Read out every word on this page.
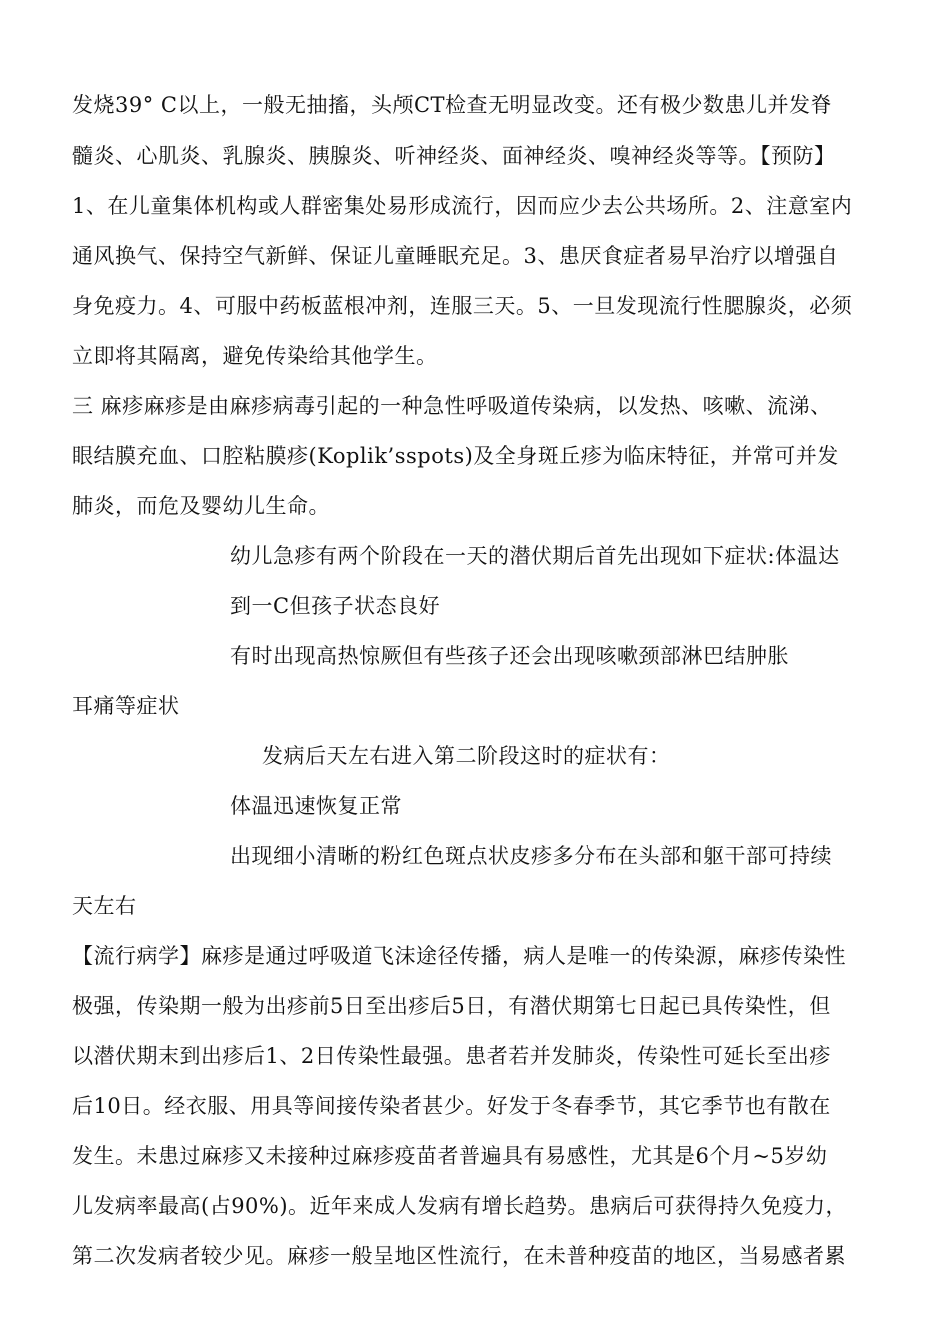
发烧39° C以上，一般无抽搐，头颅CT检查无明显改变。还有极少数患儿并发脊
髓炎、心肌炎、乳腺炎、胰腺炎、听神经炎、面神经炎、嗅神经炎等等。【预防】
1、在儿童集体机构或人群密集处易形成流行，因而应少去公共场所。2、注意室内
通风换气、保持空气新鲜、保证儿童睡眠充足。3、患厌食症者易早治疗以增强自
身免疫力。4、可服中药板蓝根冲剂，连服三天。5、一旦发现流行性腮腺炎，必须
立即将其隔离，避免传染给其他学生。
三 麻疹麻疹是由麻疹病毒引起的一种急性呼吸道传染病，以发热、咳嗽、流涕、
眼结膜充血、口腔粘膜疹(Koplik’sspots)及全身斑丘疹为临床特征，并常可并发
肺炎，而危及婴幼儿生命。
幼儿急疹有两个阶段在一天的潜伏期后首先出现如下症状:体温达
到一C但孩子状态良好
有时出现高热惊厥但有些孩子还会出现咳嗽颈部淋巴结肿胀
耳痛等症状
发病后天左右进入第二阶段这时的症状有：
体温迅速恢复正常
出现细小清晰的粉红色斑点状皮疹多分布在头部和躯干部可持续
天左右
【流行病学】麻疹是通过呼吸道飞沫途径传播，病人是唯一的传染源，麻疹传染性
极强，传染期一般为出疹前5日至出疹后5日，有潜伏期第七日起已具传染性，但
以潜伏期末到出疹后1、2日传染性最强。患者若并发肺炎，传染性可延长至出疹
后10日。经衣服、用具等间接传染者甚少。好发于冬春季节，其它季节也有散在
发生。未患过麻疹又未接种过麻疹疫苗者普遍具有易感性，尤其是6个月~5岁幼
儿发病率最高(占90%)。近年来成人发病有增长趋势。患病后可获得持久免疫力，
第二次发病者较少见。麻疹一般呈地区性流行，在未普种疫苗的地区，当易感者累
